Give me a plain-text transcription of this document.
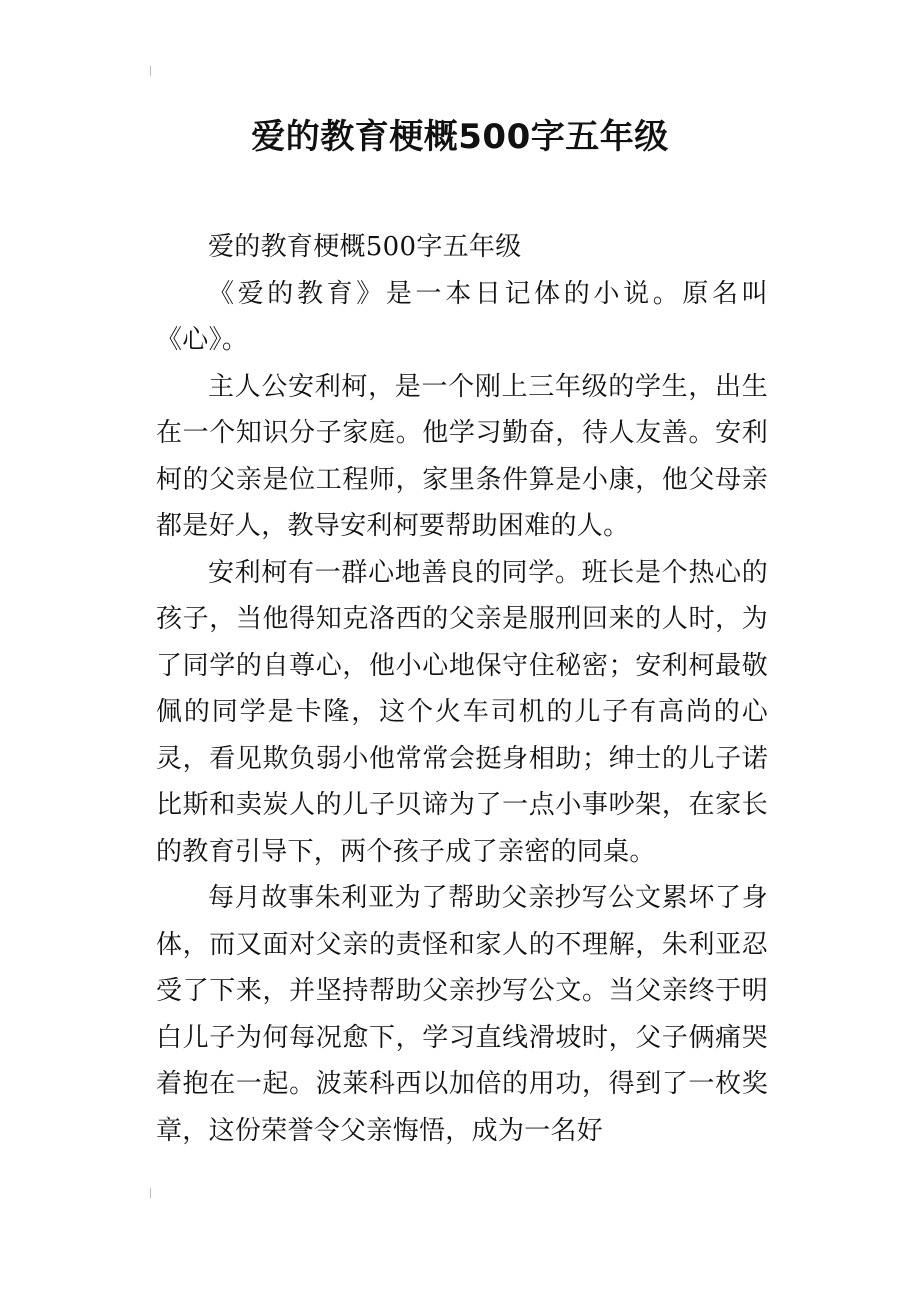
爱的教育梗概500字五年级

爱的教育梗概500字五年级

《爱的教育》是一本日记体的小说。原名叫《心》。

主人公安利柯，是一个刚上三年级的学生，出生在一个知识分子家庭。他学习勤奋，待人友善。安利柯的父亲是位工程师，家里条件算是小康，他父母亲都是好人，教导安利柯要帮助困难的人。

安利柯有一群心地善良的同学。班长是个热心的孩子，当他得知克洛西的父亲是服刑回来的人时，为了同学的自尊心，他小心地保守住秘密；安利柯最敬佩的同学是卡隆，这个火车司机的儿子有高尚的心灵，看见欺负弱小他常常会挺身相助；绅士的儿子诺比斯和卖炭人的儿子贝谛为了一点小事吵架，在家长的教育引导下，两个孩子成了亲密的同桌。

每月故事朱利亚为了帮助父亲抄写公文累坏了身体，而又面对父亲的责怪和家人的不理解，朱利亚忍受了下来，并坚持帮助父亲抄写公文。当父亲终于明白儿子为何每况愈下，学习直线滑坡时，父子俩痛哭着抱在一起。波莱科西以加倍的用功，得到了一枚奖章，这份荣誉令父亲悔悟，成为一名好
